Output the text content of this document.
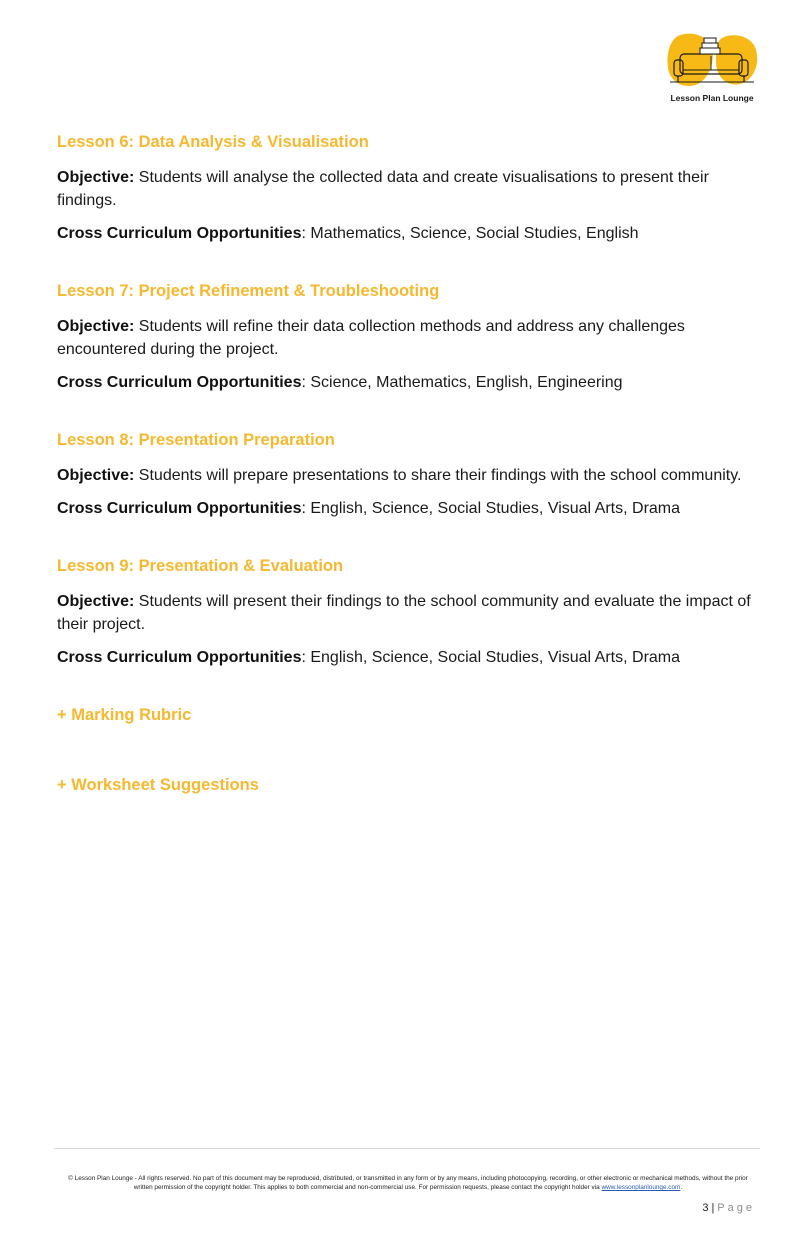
Lesson Plan Lounge
Lesson 6: Data Analysis & Visualisation
Objective: Students will analyse the collected data and create visualisations to present their findings.
Cross Curriculum Opportunities: Mathematics, Science, Social Studies, English
Lesson 7: Project Refinement & Troubleshooting
Objective: Students will refine their data collection methods and address any challenges encountered during the project.
Cross Curriculum Opportunities: Science, Mathematics, English, Engineering
Lesson 8: Presentation Preparation
Objective: Students will prepare presentations to share their findings with the school community.
Cross Curriculum Opportunities: English, Science, Social Studies, Visual Arts, Drama
Lesson 9: Presentation & Evaluation
Objective: Students will present their findings to the school community and evaluate the impact of their project.
Cross Curriculum Opportunities: English, Science, Social Studies, Visual Arts, Drama
+ Marking Rubric
+ Worksheet Suggestions
© Lesson Plan Lounge - All rights reserved. No part of this document may be reproduced, distributed, or transmitted in any form or by any means, including photocopying, recording, or other electronic or mechanical methods, without the prior written permission of the copyright holder. This applies to both commercial and non-commercial use. For permission requests, please contact the copyright holder via www.lessonplanlounge.com.
3|Page
